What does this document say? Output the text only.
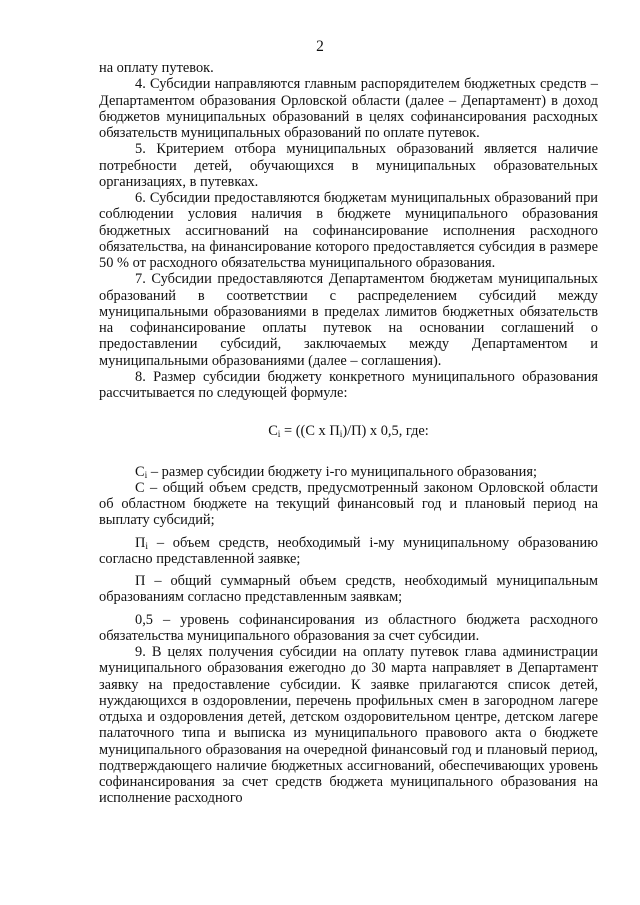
2

на оплату путевок.

4. Субсидии направляются главным распорядителем бюджетных средств – Департаментом образования Орловской области (далее – Департамент) в доход бюджетов муниципальных образований в целях софинансирования расходных обязательств муниципальных образований по оплате путевок.

5. Критерием отбора муниципальных образований является наличие потребности детей, обучающихся в муниципальных образовательных организациях, в путевках.

6. Субсидии предоставляются бюджетам муниципальных образований при соблюдении условия наличия в бюджете муниципального образования бюджетных ассигнований на софинансирование исполнения расходного обязательства, на финансирование которого предоставляется субсидия в размере 50 % от расходного обязательства муниципального образования.

7. Субсидии предоставляются Департаментом бюджетам муниципальных образований в соответствии с распределением субсидий между муниципальными образованиями в пределах лимитов бюджетных обязательств на софинансирование оплаты путевок на основании соглашений о предоставлении субсидий, заключаемых между Департаментом и муниципальными образованиями (далее – соглашения).

8. Размер субсидии бюджету конкретного муниципального образования рассчитывается по следующей формуле:

$С_i = ((С$ х $П_i)/П$) х 0,5, где:

$С_i$ – размер субсидии бюджету i-го муниципального образования;

С – общий объем средств, предусмотренный законом Орловской области об областном бюджете на текущий финансовый год и плановый период на выплату субсидий;

$П_i$ – объем средств, необходимый i-му муниципальному образованию согласно представленной заявке;

П – общий суммарный объем средств, необходимый муниципальным образованиям согласно представленным заявкам;

0,5 – уровень софинансирования из областного бюджета расходного обязательства муниципального образования за счет субсидии.

9. В целях получения субсидии на оплату путевок глава администрации муниципального образования ежегодно до 30 марта направляет в Департамент заявку на предоставление субсидии. К заявке прилагаются список детей, нуждающихся в оздоровлении, перечень профильных смен в загородном лагере отдыха и оздоровления детей, детском оздоровительном центре, детском лагере палаточного типа и выписка из муниципального правового акта о бюджете муниципального образования на очередной финансовый год и плановый период, подтверждающего наличие бюджетных ассигнований, обеспечивающих уровень софинансирования за счет средств бюджета муниципального образования на исполнение расходного
